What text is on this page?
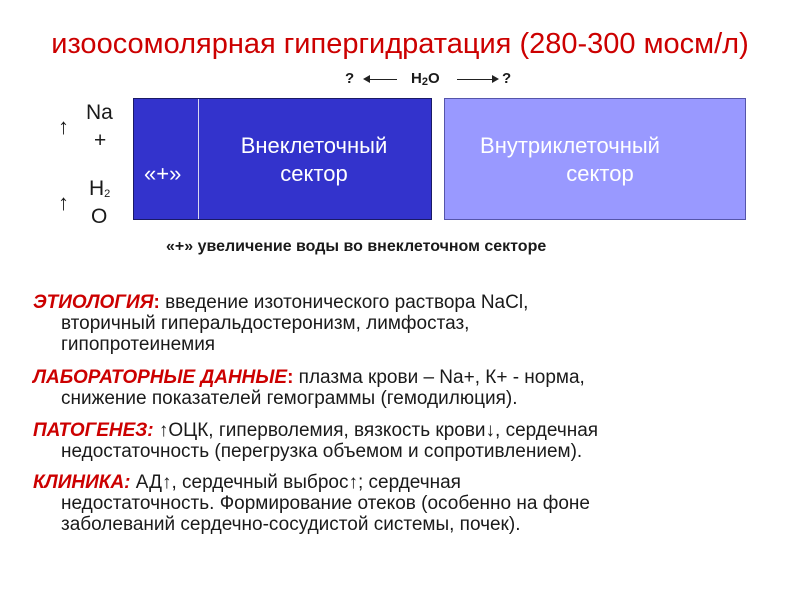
изоосомолярная гипергидратация (280-300 мосм/л)
?	$H_2O$	?
↑
Na
+
↑
$H_2$
O
«+»
Внеклеточный
сектор
Внутриклеточный
сектор
«+» увеличение воды во внеклеточном секторе
ЭТИОЛОГИЯ: введение изотонического раствора NaCl,
вторичный гиперальдостеронизм, лимфостаз,
гипопротеинемия
ЛАБОРАТОРНЫЕ ДАННЫЕ: плазма крови – Na+, К+ - норма,
снижение показателей гемограммы (гемодилюция).
ПАТОГЕНЕЗ: ↑ОЦК, гиперволемия, вязкость крови↓, сердечная
недостаточность (перегрузка объемом и сопротивлением).
КЛИНИКА: АД↑, сердечный выброс↑; сердечная
недостаточность. Формирование отеков (особенно на фоне
заболеваний сердечно-сосудистой системы, почек).
